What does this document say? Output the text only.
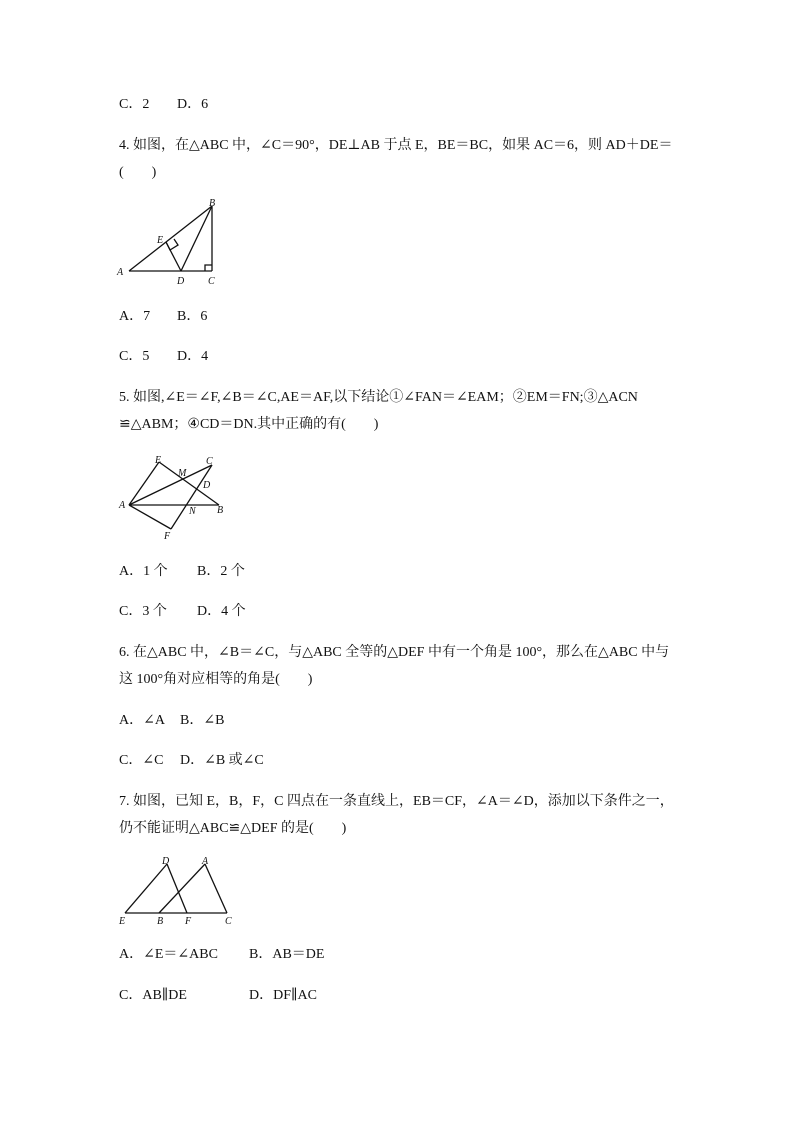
C．2 D．6
4. 如图，在△ABC 中，∠C＝90°，DE⊥AB 于点 E，BE＝BC，如果 AC＝6，则 AD＋DE＝
(　　)
A
B
C
D
E
A．7 B．6
C．5 D．4
5. 如图,∠E＝∠F,∠B＝∠C,AE＝AF,以下结论①∠FAN＝∠EAM；②EM＝FN;③△ACN
≌△ABM；④CD＝DN.其中正确的有(　　)
A	B
C
D
E
F
M
N
A．1 个 B．2 个
C．3 个 D．4 个
6. 在△ABC 中，∠B＝∠C，与△ABC 全等的△DEF 中有一个角是 100°，那么在△ABC 中与
这 100°角对应相等的角是(　　)
A．∠A B．∠B
C．∠C D．∠B 或∠C
7. 如图，已知 E，B，F，C 四点在一条直线上，EB＝CF，∠A＝∠D，添加以下条件之一，
仍不能证明△ABC≌△DEF 的是(　　)
E	B F	C
D	A
A．∠E＝∠ABC B．AB＝DE
C．AB∥DE	D．DF∥AC
